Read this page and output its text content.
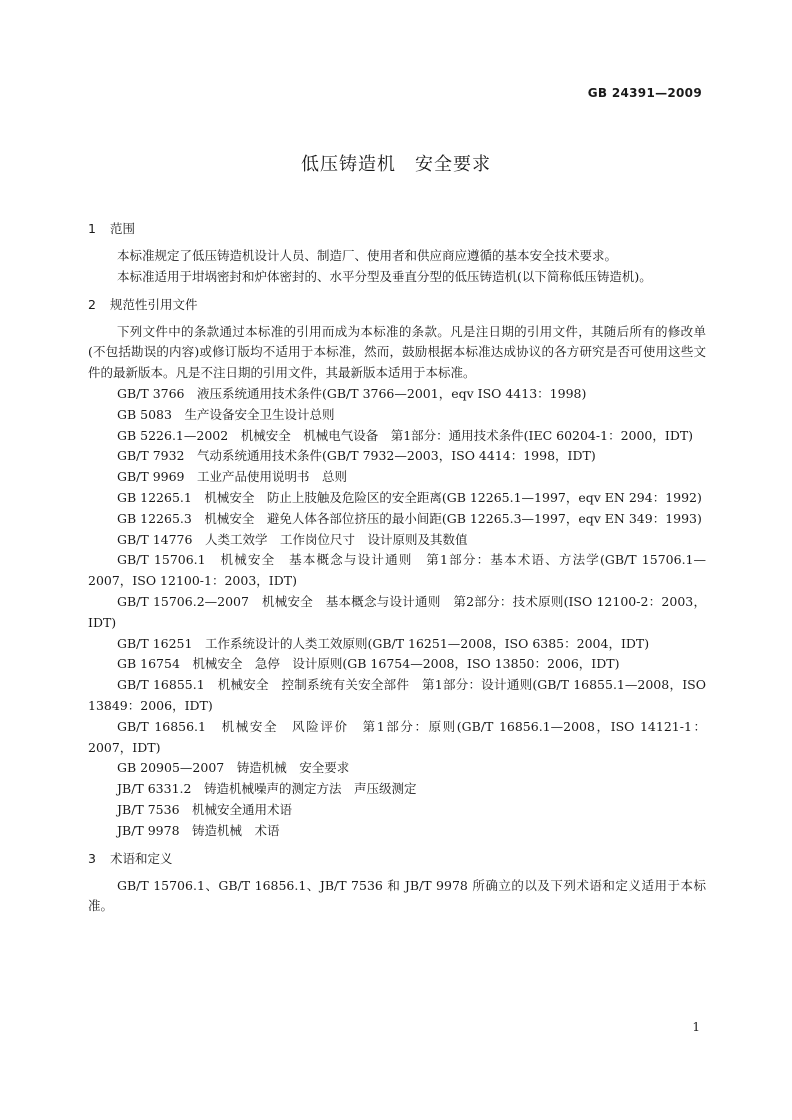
GB 24391—2009
低压铸造机　安全要求
1 范围

本标准规定了低压铸造机设计人员、制造厂、使用者和供应商应遵循的基本安全技术要求。

本标准适用于坩埚密封和炉体密封的、水平分型及垂直分型的低压铸造机(以下简称低压铸造机)。

2 规范性引用文件

下列文件中的条款通过本标准的引用而成为本标准的条款。凡是注日期的引用文件，其随后所有的修改单(不包括勘误的内容)或修订版均不适用于本标准，然而，鼓励根据本标准达成协议的各方研究是否可使用这些文件的最新版本。凡是不注日期的引用文件，其最新版本适用于本标准。

GB/T 3766　液压系统通用技术条件(GB/T 3766—2001，eqv ISO 4413：1998)

GB 5083　生产设备安全卫生设计总则

GB 5226.1—2002　机械安全　机械电气设备　第1部分：通用技术条件(IEC 60204-1：2000，IDT)

GB/T 7932　气动系统通用技术条件(GB/T 7932—2003，ISO 4414：1998，IDT)

GB/T 9969　工业产品使用说明书　总则

GB 12265.1　机械安全　防止上肢触及危险区的安全距离(GB 12265.1—1997，eqv EN 294：1992)

GB 12265.3　机械安全　避免人体各部位挤压的最小间距(GB 12265.3—1997，eqv EN 349：1993)

GB/T 14776　人类工效学　工作岗位尺寸　设计原则及其数值

GB/T 15706.1　机械安全　基本概念与设计通则　第1部分：基本术语、方法学(GB/T 15706.1—2007，ISO 12100-1：2003，IDT)

GB/T 15706.2—2007　机械安全　基本概念与设计通则　第2部分：技术原则(ISO 12100-2：2003，IDT)

GB/T 16251　工作系统设计的人类工效原则(GB/T 16251—2008，ISO 6385：2004，IDT)

GB 16754　机械安全　急停　设计原则(GB 16754—2008，ISO 13850：2006，IDT)

GB/T 16855.1　机械安全　控制系统有关安全部件　第1部分：设计通则(GB/T 16855.1—2008，ISO 13849：2006，IDT)

GB/T 16856.1　机械安全　风险评价　第1部分：原则(GB/T 16856.1—2008，ISO 14121-1：2007，IDT)

GB 20905—2007　铸造机械　安全要求

JB/T 6331.2　铸造机械噪声的测定方法　声压级测定

JB/T 7536　机械安全通用术语

JB/T 9978　铸造机械　术语

3 术语和定义

GB/T 15706.1、GB/T 16856.1、JB/T 7536 和 JB/T 9978 所确立的以及下列术语和定义适用于本标准。

1
